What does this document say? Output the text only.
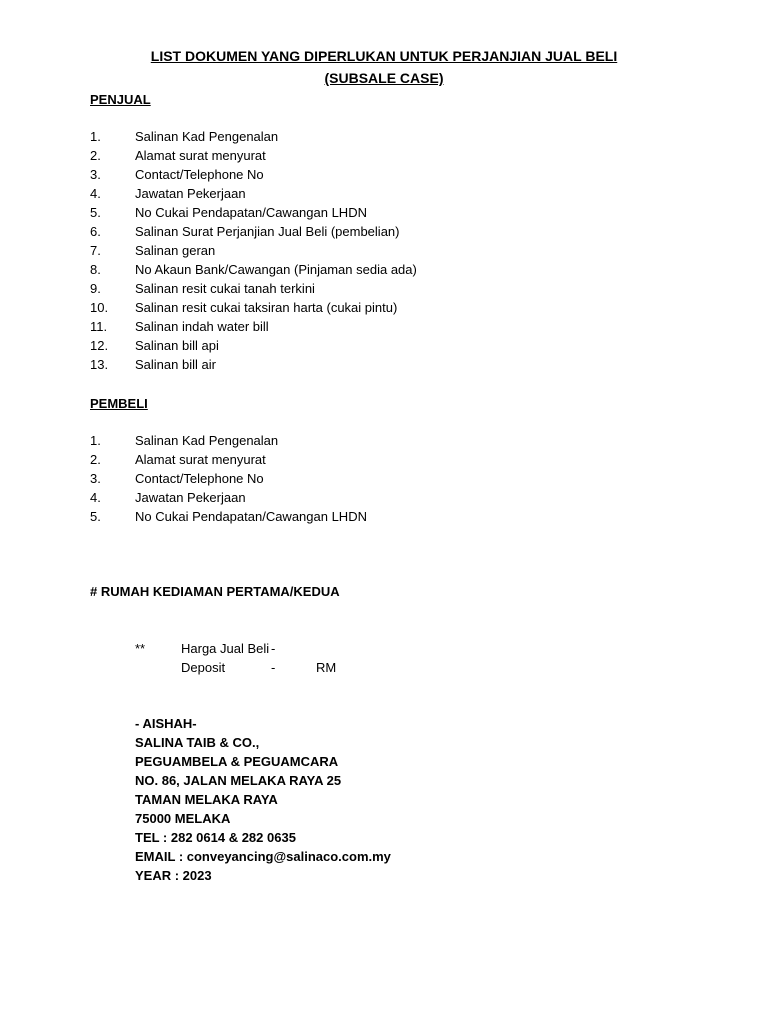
LIST DOKUMEN YANG DIPERLUKAN UNTUK PERJANJIAN JUAL BELI
(SUBSALE CASE)
PENJUAL
1.	Salinan Kad Pengenalan
2.	Alamat surat menyurat
3.	Contact/Telephone No
4.	Jawatan Pekerjaan
5.	No Cukai Pendapatan/Cawangan LHDN
6.	Salinan Surat Perjanjian Jual Beli (pembelian)
7.	Salinan geran
8.	No Akaun Bank/Cawangan (Pinjaman sedia ada)
9.	Salinan resit cukai tanah terkini
10. Salinan resit cukai taksiran harta (cukai pintu)
11. Salinan indah water bill
12. Salinan bill api
13. Salinan bill air
PEMBELI
1.	Salinan Kad Pengenalan
2.	Alamat surat menyurat
3.	Contact/Telephone No
4.	Jawatan Pekerjaan
5.	No Cukai Pendapatan/Cawangan LHDN
# RUMAH KEDIAMAN PERTAMA/KEDUA
**	Harga Jual Beli -
Deposit	-	RM
- AISHAH-
SALINA TAIB & CO.,
PEGUAMBELA & PEGUAMCARA
NO. 86, JALAN MELAKA RAYA 25
TAMAN MELAKA RAYA
75000 MELAKA
TEL : 282 0614 & 282 0635
EMAIL : conveyancing@salinaco.com.my
YEAR : 2023
